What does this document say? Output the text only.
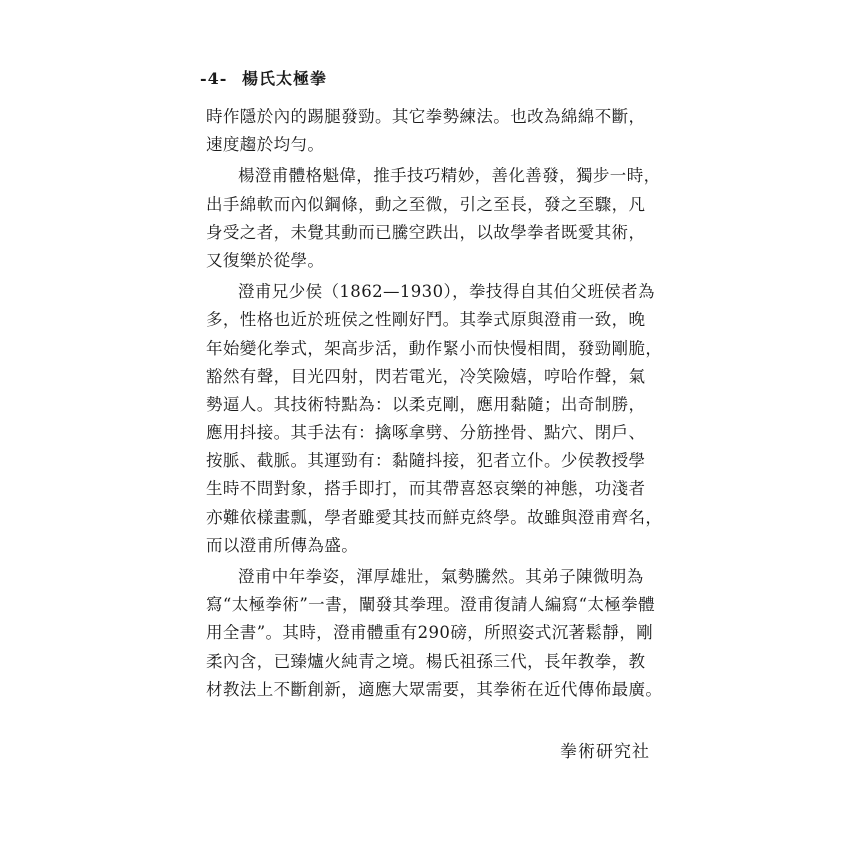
-4- 楊氏太極拳
時作隱於內的踢腿發勁。其它拳勢練法。也改為綿綿不斷，
速度趨於均勻。
楊澄甫體格魁偉，推手技巧精妙，善化善發，獨步一時，
出手綿軟而內似鋼條，動之至微，引之至長，發之至驟，凡
身受之者，未覺其動而已騰空跌出，以故學拳者既愛其術，
又復樂於從學。
澄甫兄少侯（1862—1930），拳技得自其伯父班侯者為
多，性格也近於班侯之性剛好鬥。其拳式原與澄甫一致，晚
年始變化拳式，架高步活，動作緊小而快慢相間，發勁剛脆，
豁然有聲，目光四射，閃若電光，冷笑險嬉，哼哈作聲，氣
勢逼人。其技術特點為：以柔克剛，應用黏隨；出奇制勝，
應用抖接。其手法有：擒啄拿劈、分筋挫骨、點穴、閉戶、
按脈、截脈。其運勁有：黏隨抖接，犯者立仆。少侯教授學
生時不問對象，搭手即打，而其帶喜怒哀樂的神態，功淺者
亦難依樣畫瓢，學者雖愛其技而鮮克終學。故雖與澄甫齊名，
而以澄甫所傳為盛。
澄甫中年拳姿，渾厚雄壯，氣勢騰然。其弟子陳微明為
寫“太極拳術”一書，闡發其拳理。澄甫復請人編寫“太極拳體
用全書”。其時，澄甫體重有290磅，所照姿式沉著鬆靜，剛
柔內含，已臻爐火純青之境。楊氏祖孫三代，長年教拳，教
材教法上不斷創新，適應大眾需要，其拳術在近代傳佈最廣。
拳術研究社
